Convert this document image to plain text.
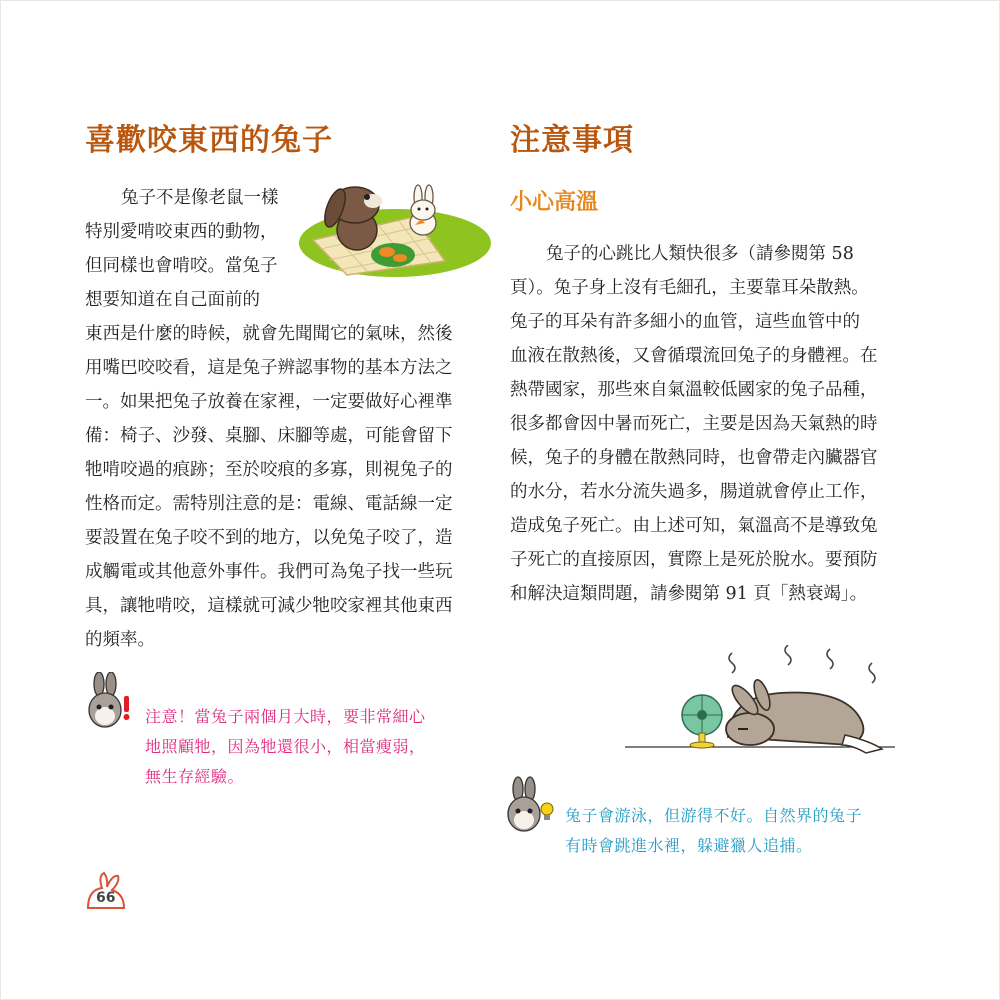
喜歡咬東西的兔子
兔子不是像老鼠一樣
特別愛啃咬東西的動物，
但同樣也會啃咬。當兔子
想要知道在自己面前的
東西是什麼的時候，就會先聞聞它的氣味，然後
用嘴巴咬咬看，這是兔子辨認事物的基本方法之
一。如果把兔子放養在家裡，一定要做好心裡準
備：椅子、沙發、桌腳、床腳等處，可能會留下
牠啃咬過的痕跡；至於咬痕的多寡，則視兔子的
性格而定。需特別注意的是：電線、電話線一定
要設置在兔子咬不到的地方，以免兔子咬了，造
成觸電或其他意外事件。我們可為兔子找一些玩
具，讓牠啃咬，這樣就可減少牠咬家裡其他東西
的頻率。
注意！當兔子兩個月大時，要非常細心
地照顧牠，因為牠還很小，相當瘦弱，
無生存經驗。
66
注意事項
小心高溫
兔子的心跳比人類快很多（請參閱第 58
頁）。兔子身上沒有毛細孔，主要靠耳朵散熱。
兔子的耳朵有許多細小的血管，這些血管中的
血液在散熱後，又會循環流回兔子的身體裡。在
熱帶國家，那些來自氣溫較低國家的兔子品種，
很多都會因中暑而死亡，主要是因為天氣熱的時
候，兔子的身體在散熱同時，也會帶走內臟器官
的水分，若水分流失過多，腸道就會停止工作，
造成兔子死亡。由上述可知，氣溫高不是導致兔
子死亡的直接原因，實際上是死於脫水。要預防
和解決這類問題，請參閱第 91 頁「熱衰竭」。
兔子會游泳，但游得不好。自然界的兔子
有時會跳進水裡，躲避獵人追捕。
